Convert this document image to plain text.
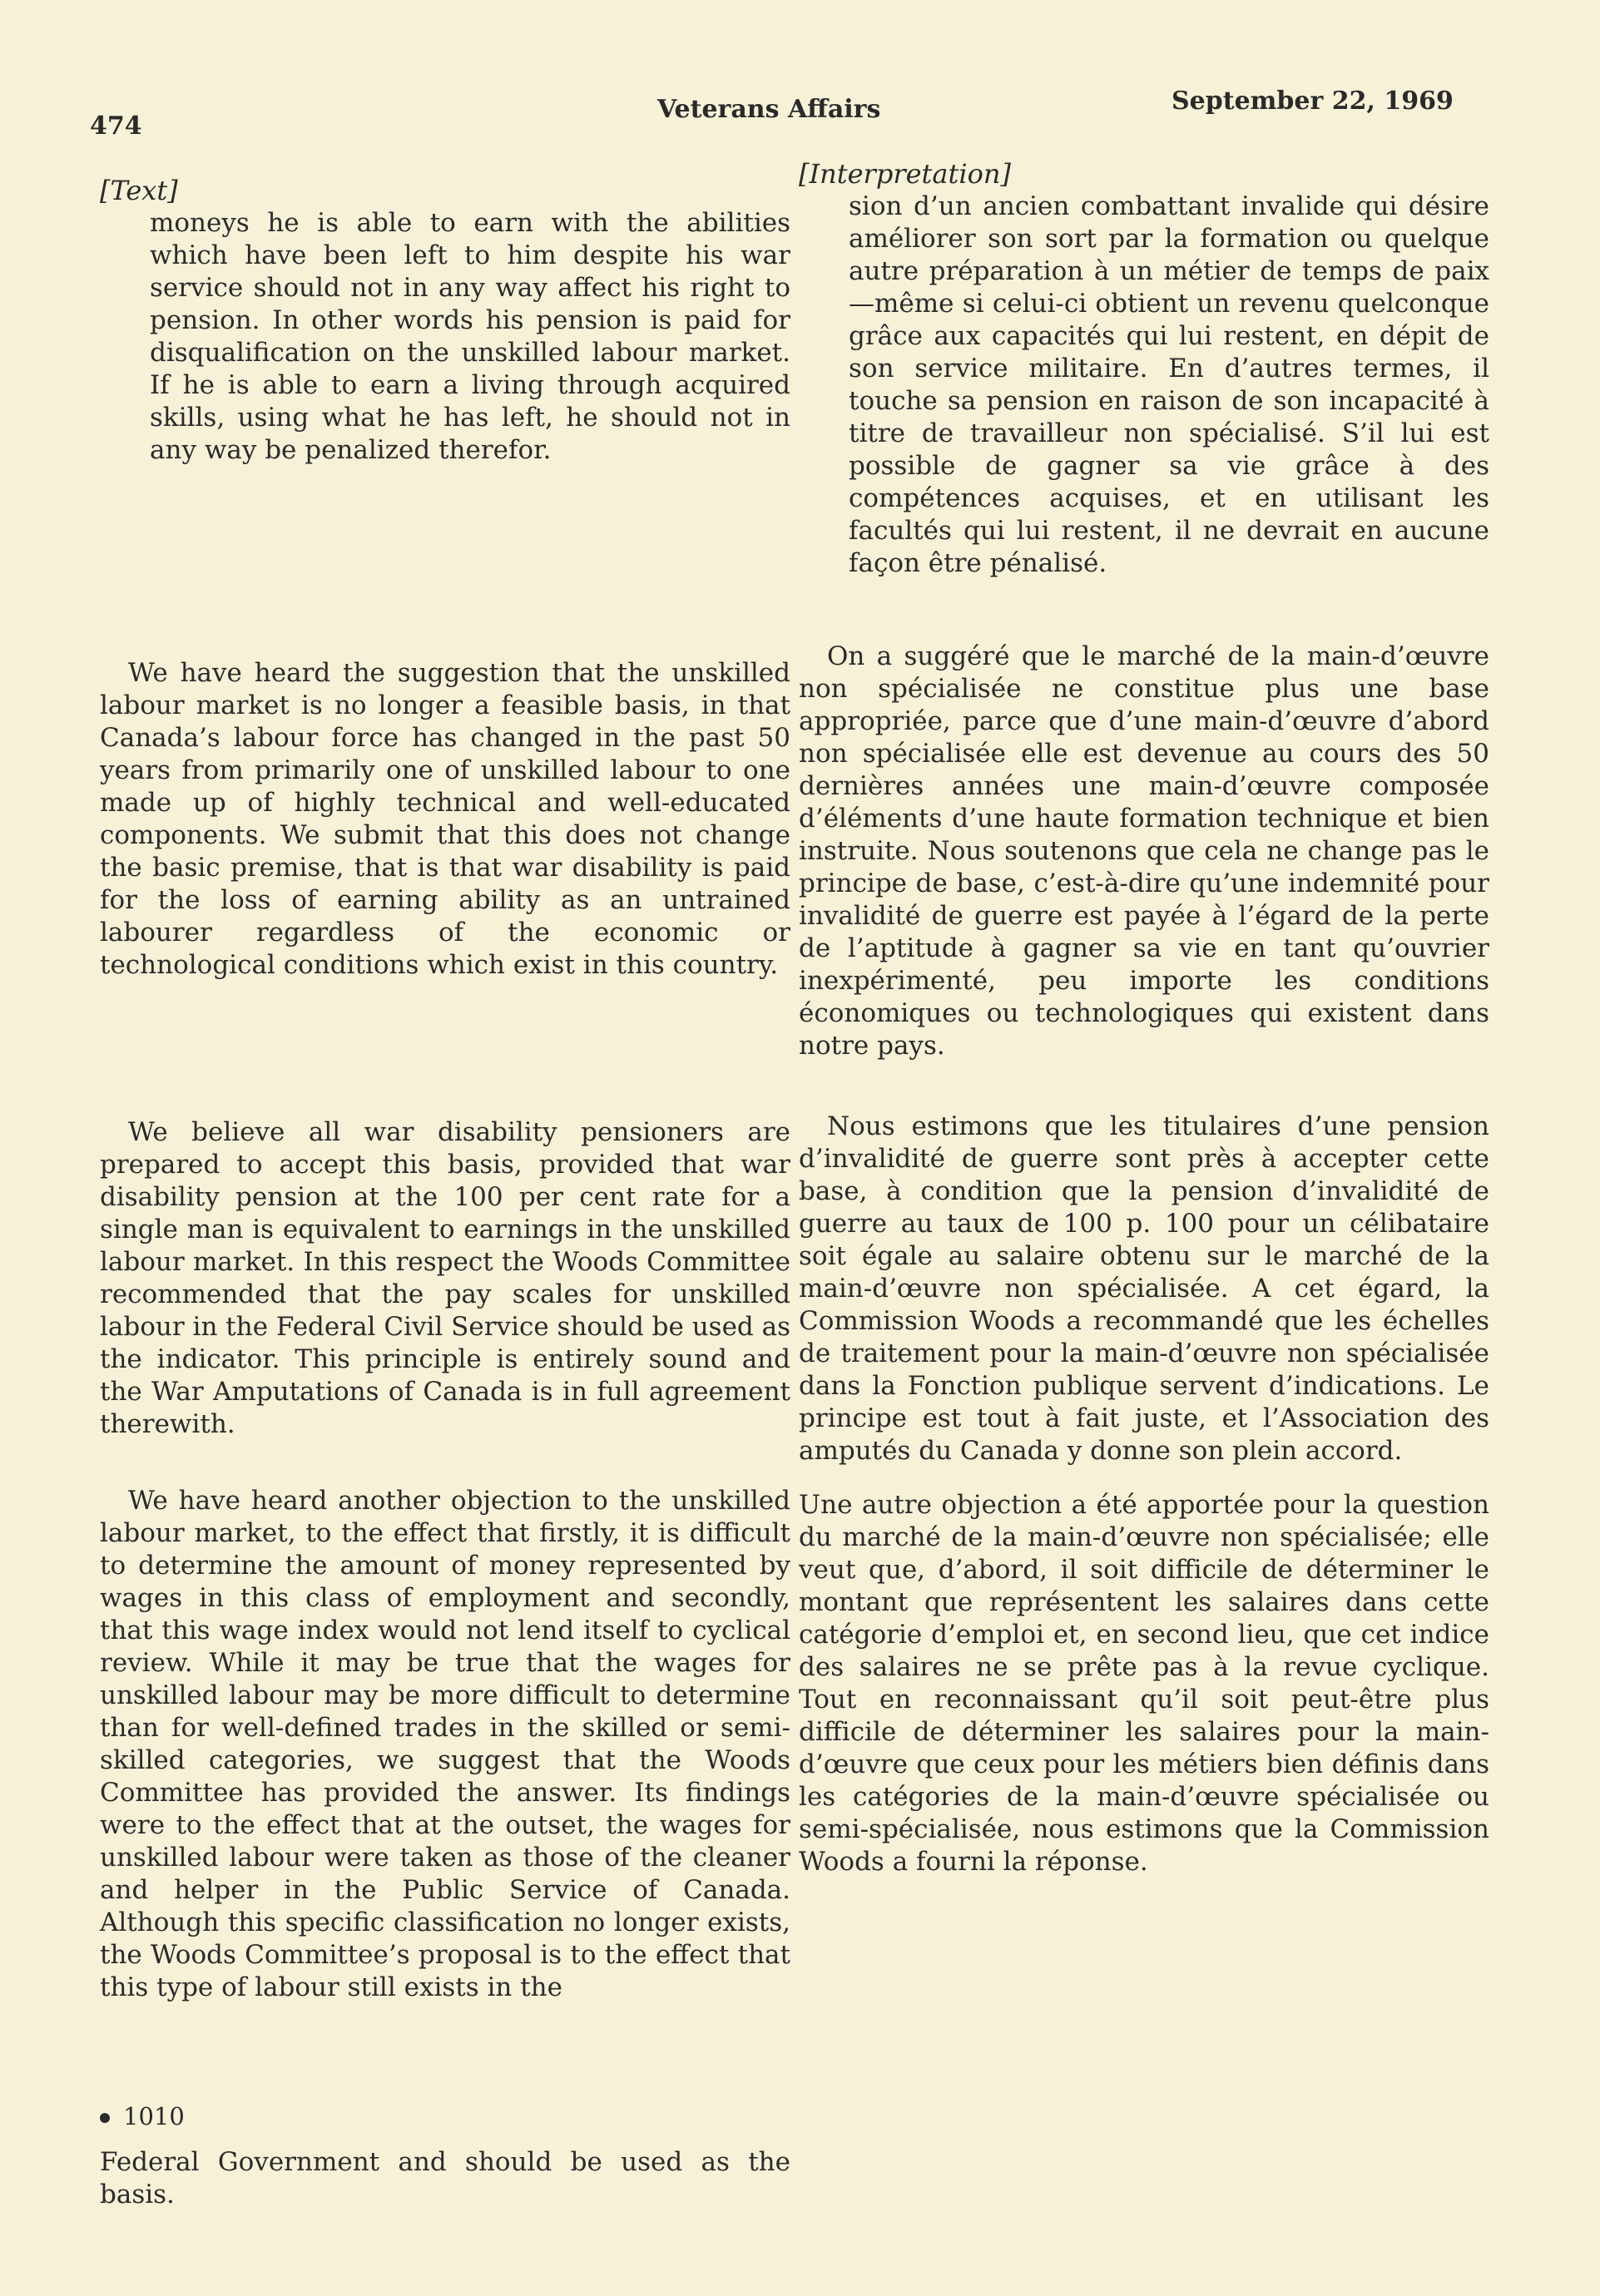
474
Veterans Affairs	September 22, 1969
[Text]

moneys he is able to earn with the abilities which have been left to him despite his war service should not in any way affect his right to pension. In other words his pension is paid for disqualification on the unskilled labour market. If he is able to earn a living through acquired skills, using what he has left, he should not in any way be penalized therefor.

We have heard the suggestion that the unskilled labour market is no longer a feasible basis, in that Canada’s labour force has changed in the past 50 years from primarily one of unskilled labour to one made up of highly technical and well-educated components. We submit that this does not change the basic premise, that is that war disability is paid for the loss of earning ability as an untrained labourer regardless of the economic or technological conditions which exist in this country.

We believe all war disability pensioners are prepared to accept this basis, provided that war disability pension at the 100 per cent rate for a single man is equivalent to earnings in the unskilled labour market. In this respect the Woods Committee recommended that the pay scales for unskilled labour in the Federal Civil Service should be used as the indicator. This principle is entirely sound and the War Amputations of Canada is in full agreement therewith.

We have heard another objection to the unskilled labour market, to the effect that firstly, it is difficult to determine the amount of money represented by wages in this class of employment and secondly, that this wage index would not lend itself to cyclical review. While it may be true that the wages for unskilled labour may be more difficult to determine than for well-defined trades in the skilled or semi-skilled categories, we suggest that the Woods Committee has provided the answer. Its findings were to the effect that at the outset, the wages for unskilled labour were taken as those of the cleaner and helper in the Public Service of Canada. Although this specific classification no longer exists, the Woods Committee’s proposal is to the effect that this type of labour still exists in the

1010

Federal Government and should be used as the basis.

[Interpretation]

sion d’un ancien combattant invalide qui désire améliorer son sort par la formation ou quelque autre préparation à un métier de temps de paix—même si celui-ci obtient un revenu quelconque grâce aux capacités qui lui restent, en dépit de son service militaire. En d’autres termes, il touche sa pension en raison de son incapacité à titre de travailleur non spécialisé. S’il lui est possible de gagner sa vie grâce à des compétences acquises, et en utilisant les facultés qui lui restent, il ne devrait en aucune façon être pénalisé.

On a suggéré que le marché de la main-d’œuvre non spécialisée ne constitue plus une base appropriée, parce que d’une main-d’œuvre d’abord non spécialisée elle est devenue au cours des 50 dernières années une main-d’œuvre composée d’éléments d’une haute formation technique et bien instruite. Nous soutenons que cela ne change pas le principe de base, c’est-à-dire qu’une indemnité pour invalidité de guerre est payée à l’égard de la perte de l’aptitude à gagner sa vie en tant qu’ouvrier inexpérimenté, peu importe les conditions économiques ou technologiques qui existent dans notre pays.

Nous estimons que les titulaires d’une pension d’invalidité de guerre sont près à accepter cette base, à condition que la pension d’invalidité de guerre au taux de 100 p. 100 pour un célibataire soit égale au salaire obtenu sur le marché de la main-d’œuvre non spécialisée. A cet égard, la Commission Woods a recommandé que les échelles de traitement pour la main-d’œuvre non spécialisée dans la Fonction publique servent d’indications. Le principe est tout à fait juste, et l’Association des amputés du Canada y donne son plein accord.

Une autre objection a été apportée pour la question du marché de la main-d’œuvre non spécialisée; elle veut que, d’abord, il soit difficile de déterminer le montant que représentent les salaires dans cette catégorie d’emploi et, en second lieu, que cet indice des salaires ne se prête pas à la revue cyclique. Tout en reconnaissant qu’il soit peut-être plus difficile de déterminer les salaires pour la main-d’œuvre que ceux pour les métiers bien définis dans les catégories de la main-d’œuvre spécialisée ou semi-spécialisée, nous estimons que la Commission Woods a fourni la réponse.
